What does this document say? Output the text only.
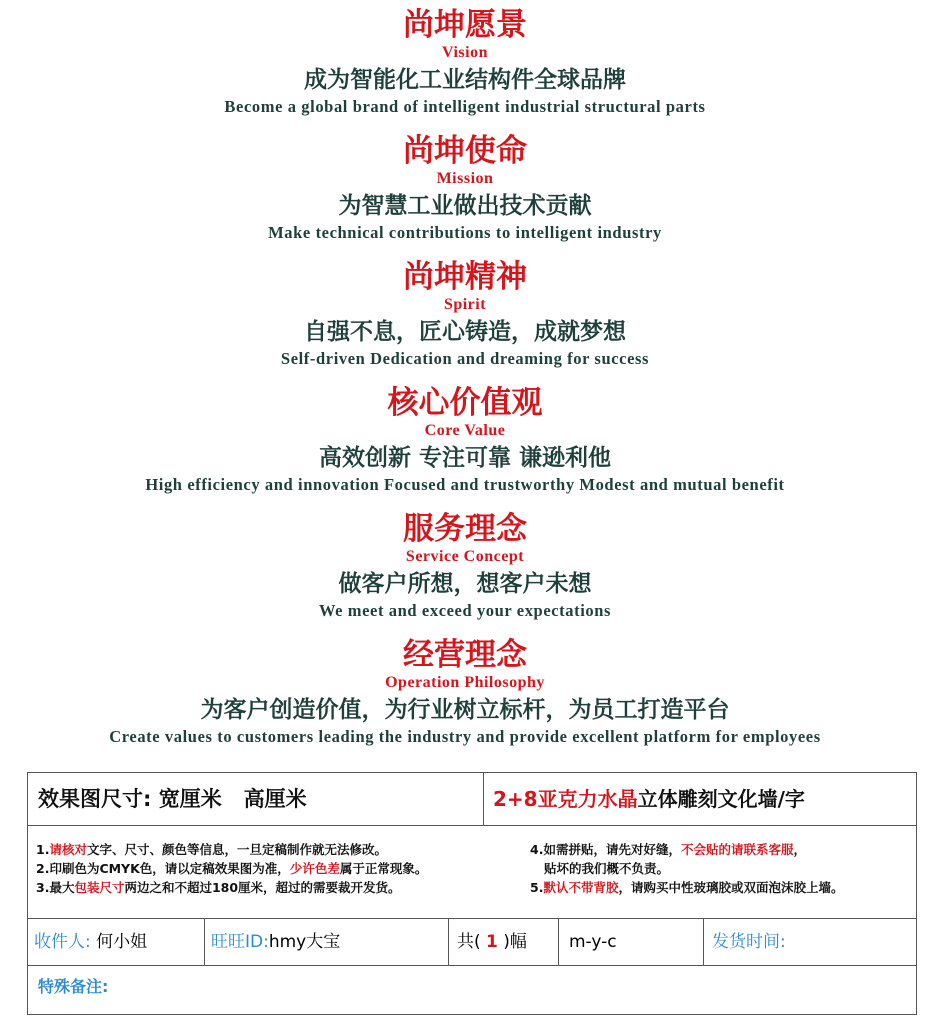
尚坤愿景
Vision
成为智能化工业结构件全球品牌
Become a global brand of intelligent industrial structural parts
尚坤使命
Mission
为智慧工业做出技术贡献
Make technical contributions to intelligent industry
尚坤精神
Spirit
自强不息，匠心铸造，成就梦想
Self-driven Dedication and dreaming for success
核心价值观
Core Value
高效创新 专注可靠 谦逊利他
High efficiency and innovation Focused and trustworthy Modest and mutual benefit
服务理念
Service Concept
做客户所想，想客户未想
We meet and exceed your expectations
经营理念
Operation Philosophy
为客户创造价值，为行业树立标杆，为员工打造平台
Create values to customers leading the industry and provide excellent platform for employees
效果图尺寸: 宽厘米 高厘米	2+8亚克力水晶立体雕刻文化墙/字
1.请核对文字、尺寸、颜色等信息，一旦定稿制作就无法修改。
2.印刷色为CMYK色，请以定稿效果图为准，少许色差属于正常现象。
3.最大包装尺寸两边之和不超过180厘米，超过的需要裁开发货。
4.如需拼贴，请先对好缝，不会贴的请联系客服，
贴坏的我们概不负责。
5.默认不带背胶，请购买中性玻璃胶或双面泡沫胶上墙。
收件人: 何小姐	旺旺ID:hmy大宝	共( 1 )幅	m-y-c	发货时间:
特殊备注:
